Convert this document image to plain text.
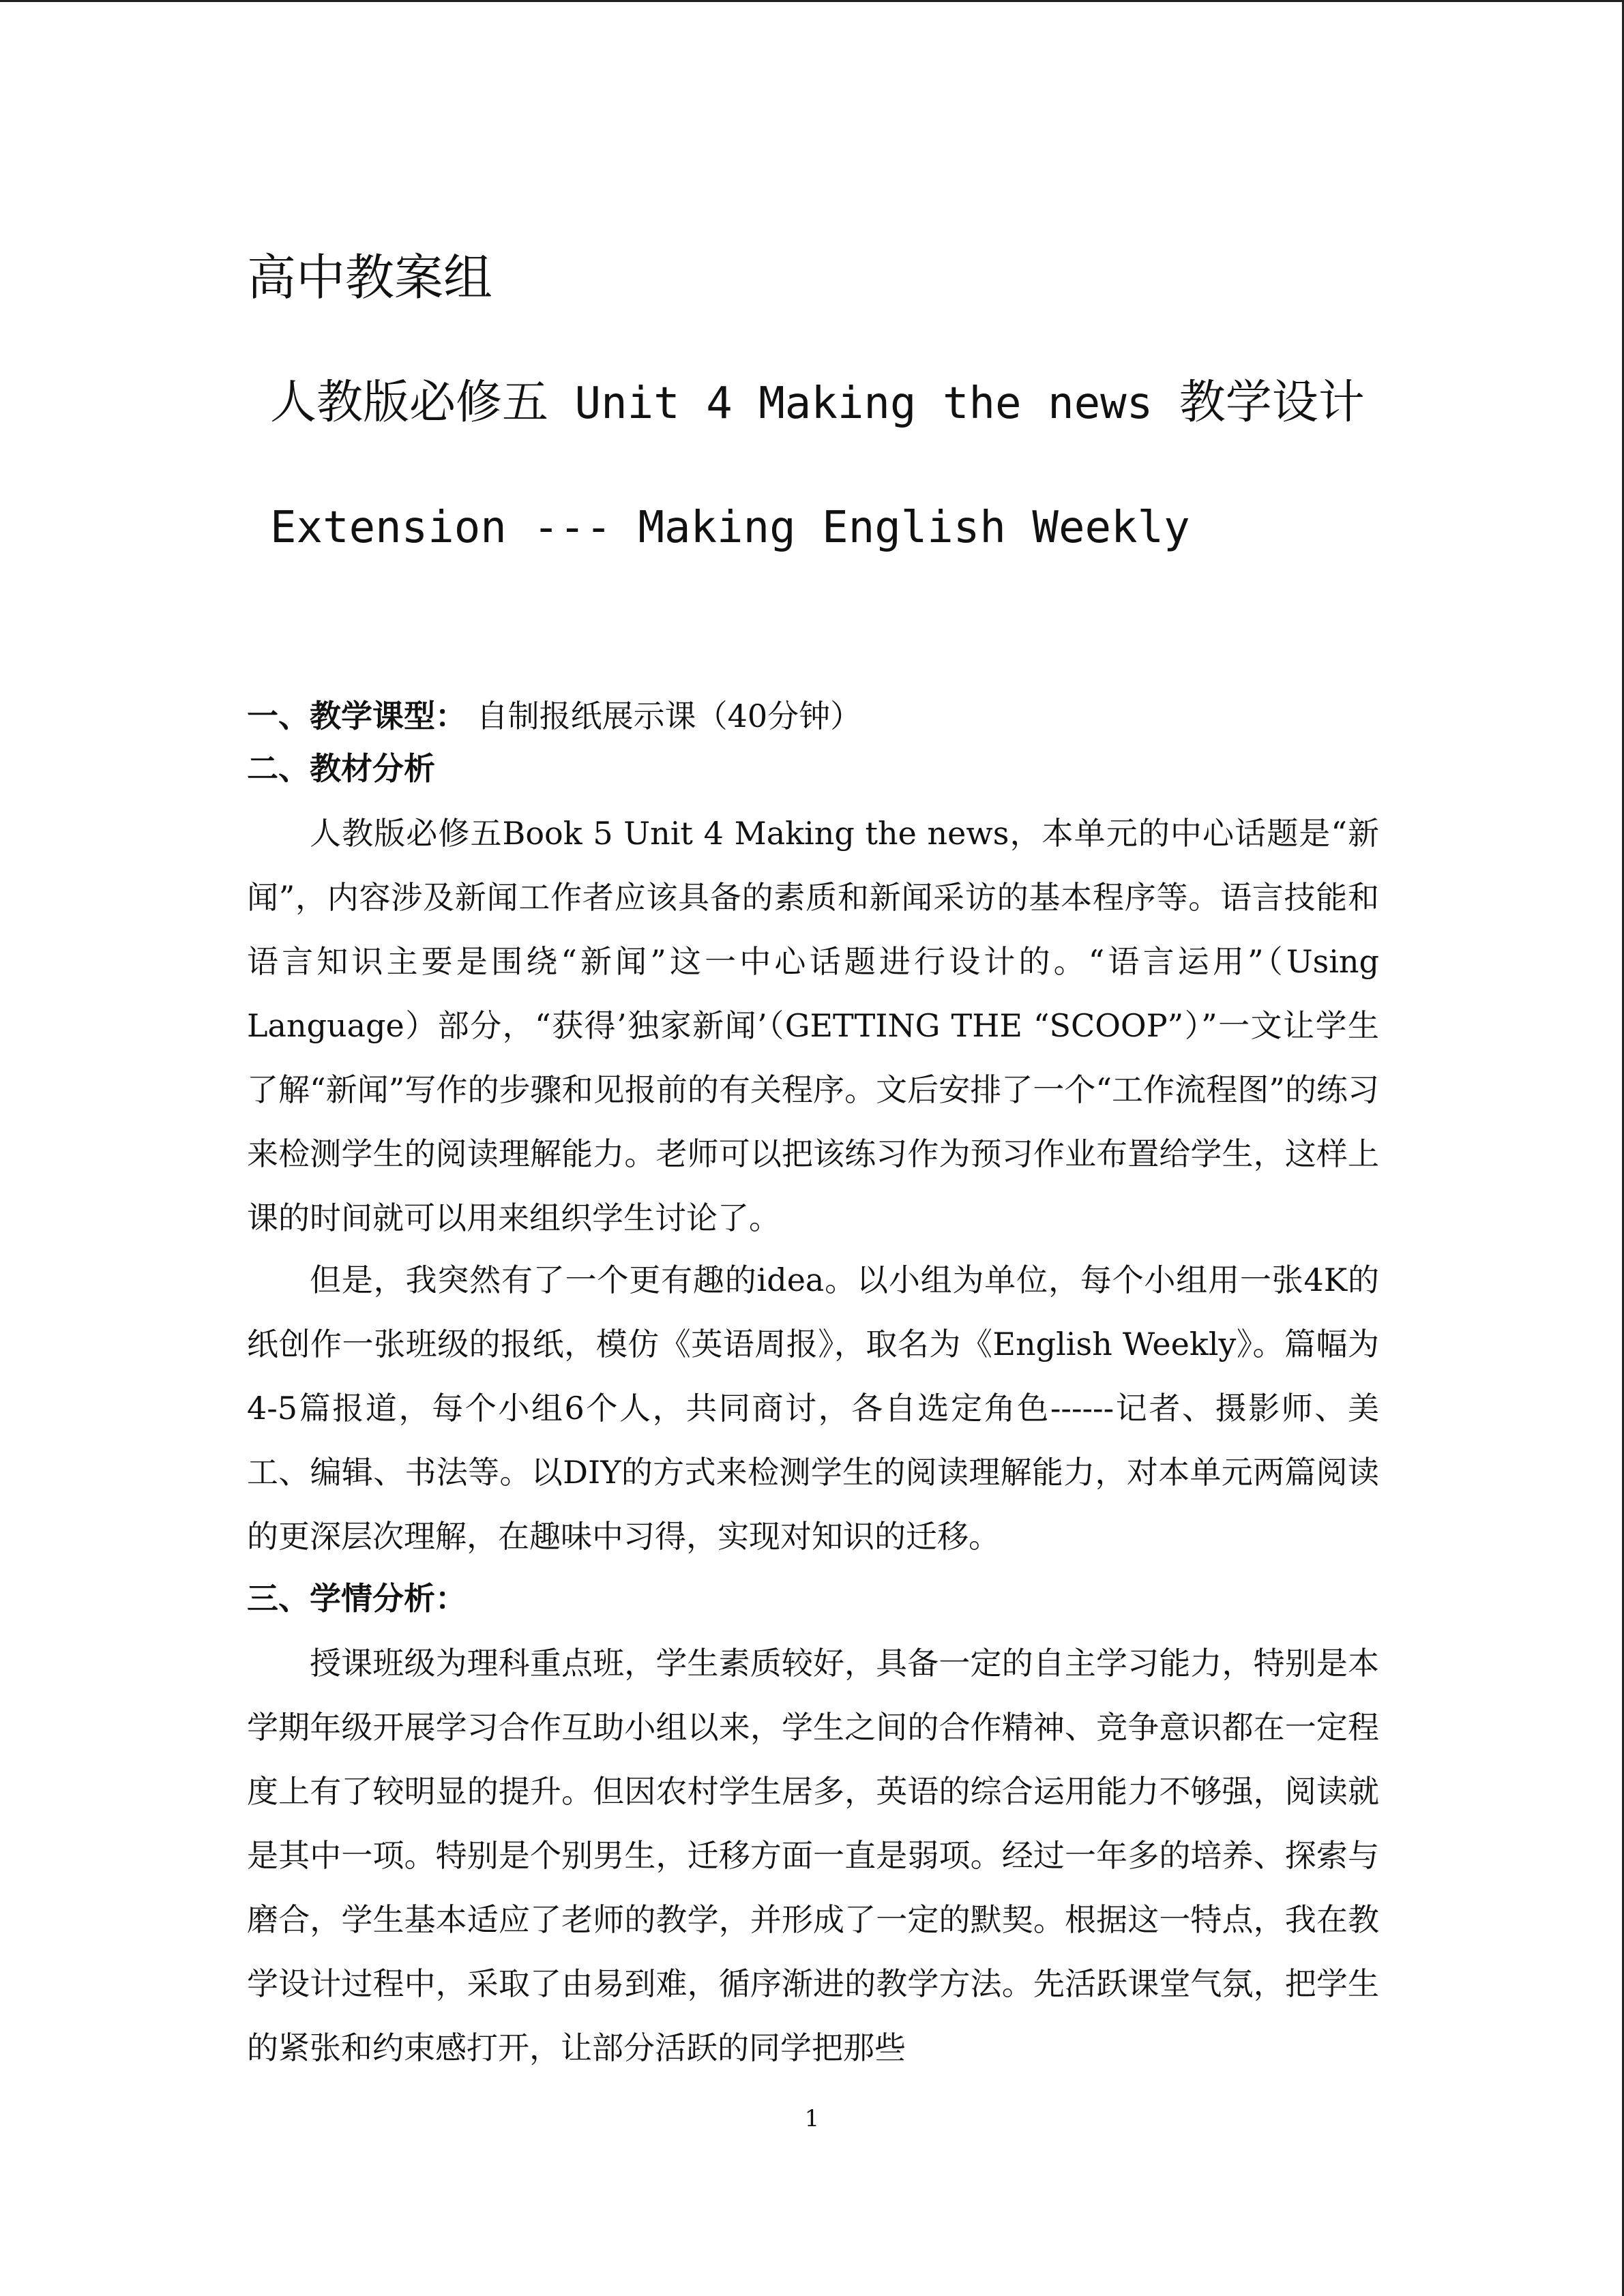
高中教案组
人教版必修五 Unit 4 Making the news 教学设计
Extension --- Making English Weekly
一、教学课型： 自制报纸展示课（40分钟）
二、教材分析

人教版必修五Book 5 Unit 4 Making the news，本单元的中心话题是“新闻”，内容涉及新闻工作者应该具备的素质和新闻采访的基本程序等。语言技能和语言知识主要是围绕“新闻”这一中心话题进行设计的。“语言运用”（Using Language）部分，“获得’独家新闻’（GETTING THE “SCOOP”）”一文让学生了解“新闻”写作的步骤和见报前的有关程序。文后安排了一个“工作流程图”的练习来检测学生的阅读理解能力。老师可以把该练习作为预习作业布置给学生，这样上课的时间就可以用来组织学生讨论了。

但是，我突然有了一个更有趣的idea。以小组为单位，每个小组用一张4K的纸创作一张班级的报纸，模仿《英语周报》，取名为《English Weekly》。篇幅为4-5篇报道，每个小组6个人，共同商讨，各自选定角色------记者、摄影师、美工、编辑、书法等。以DIY的方式来检测学生的阅读理解能力，对本单元两篇阅读的更深层次理解，在趣味中习得，实现对知识的迁移。

三、学情分析：

授课班级为理科重点班，学生素质较好，具备一定的自主学习能力，特别是本学期年级开展学习合作互助小组以来，学生之间的合作精神、竞争意识都在一定程度上有了较明显的提升。但因农村学生居多，英语的综合运用能力不够强，阅读就是其中一项。特别是个别男生，迁移方面一直是弱项。经过一年多的培养、探索与磨合，学生基本适应了老师的教学，并形成了一定的默契。根据这一特点，我在教学设计过程中，采取了由易到难，循序渐进的教学方法。先活跃课堂气氛，把学生的紧张和约束感打开，让部分活跃的同学把那些

1
